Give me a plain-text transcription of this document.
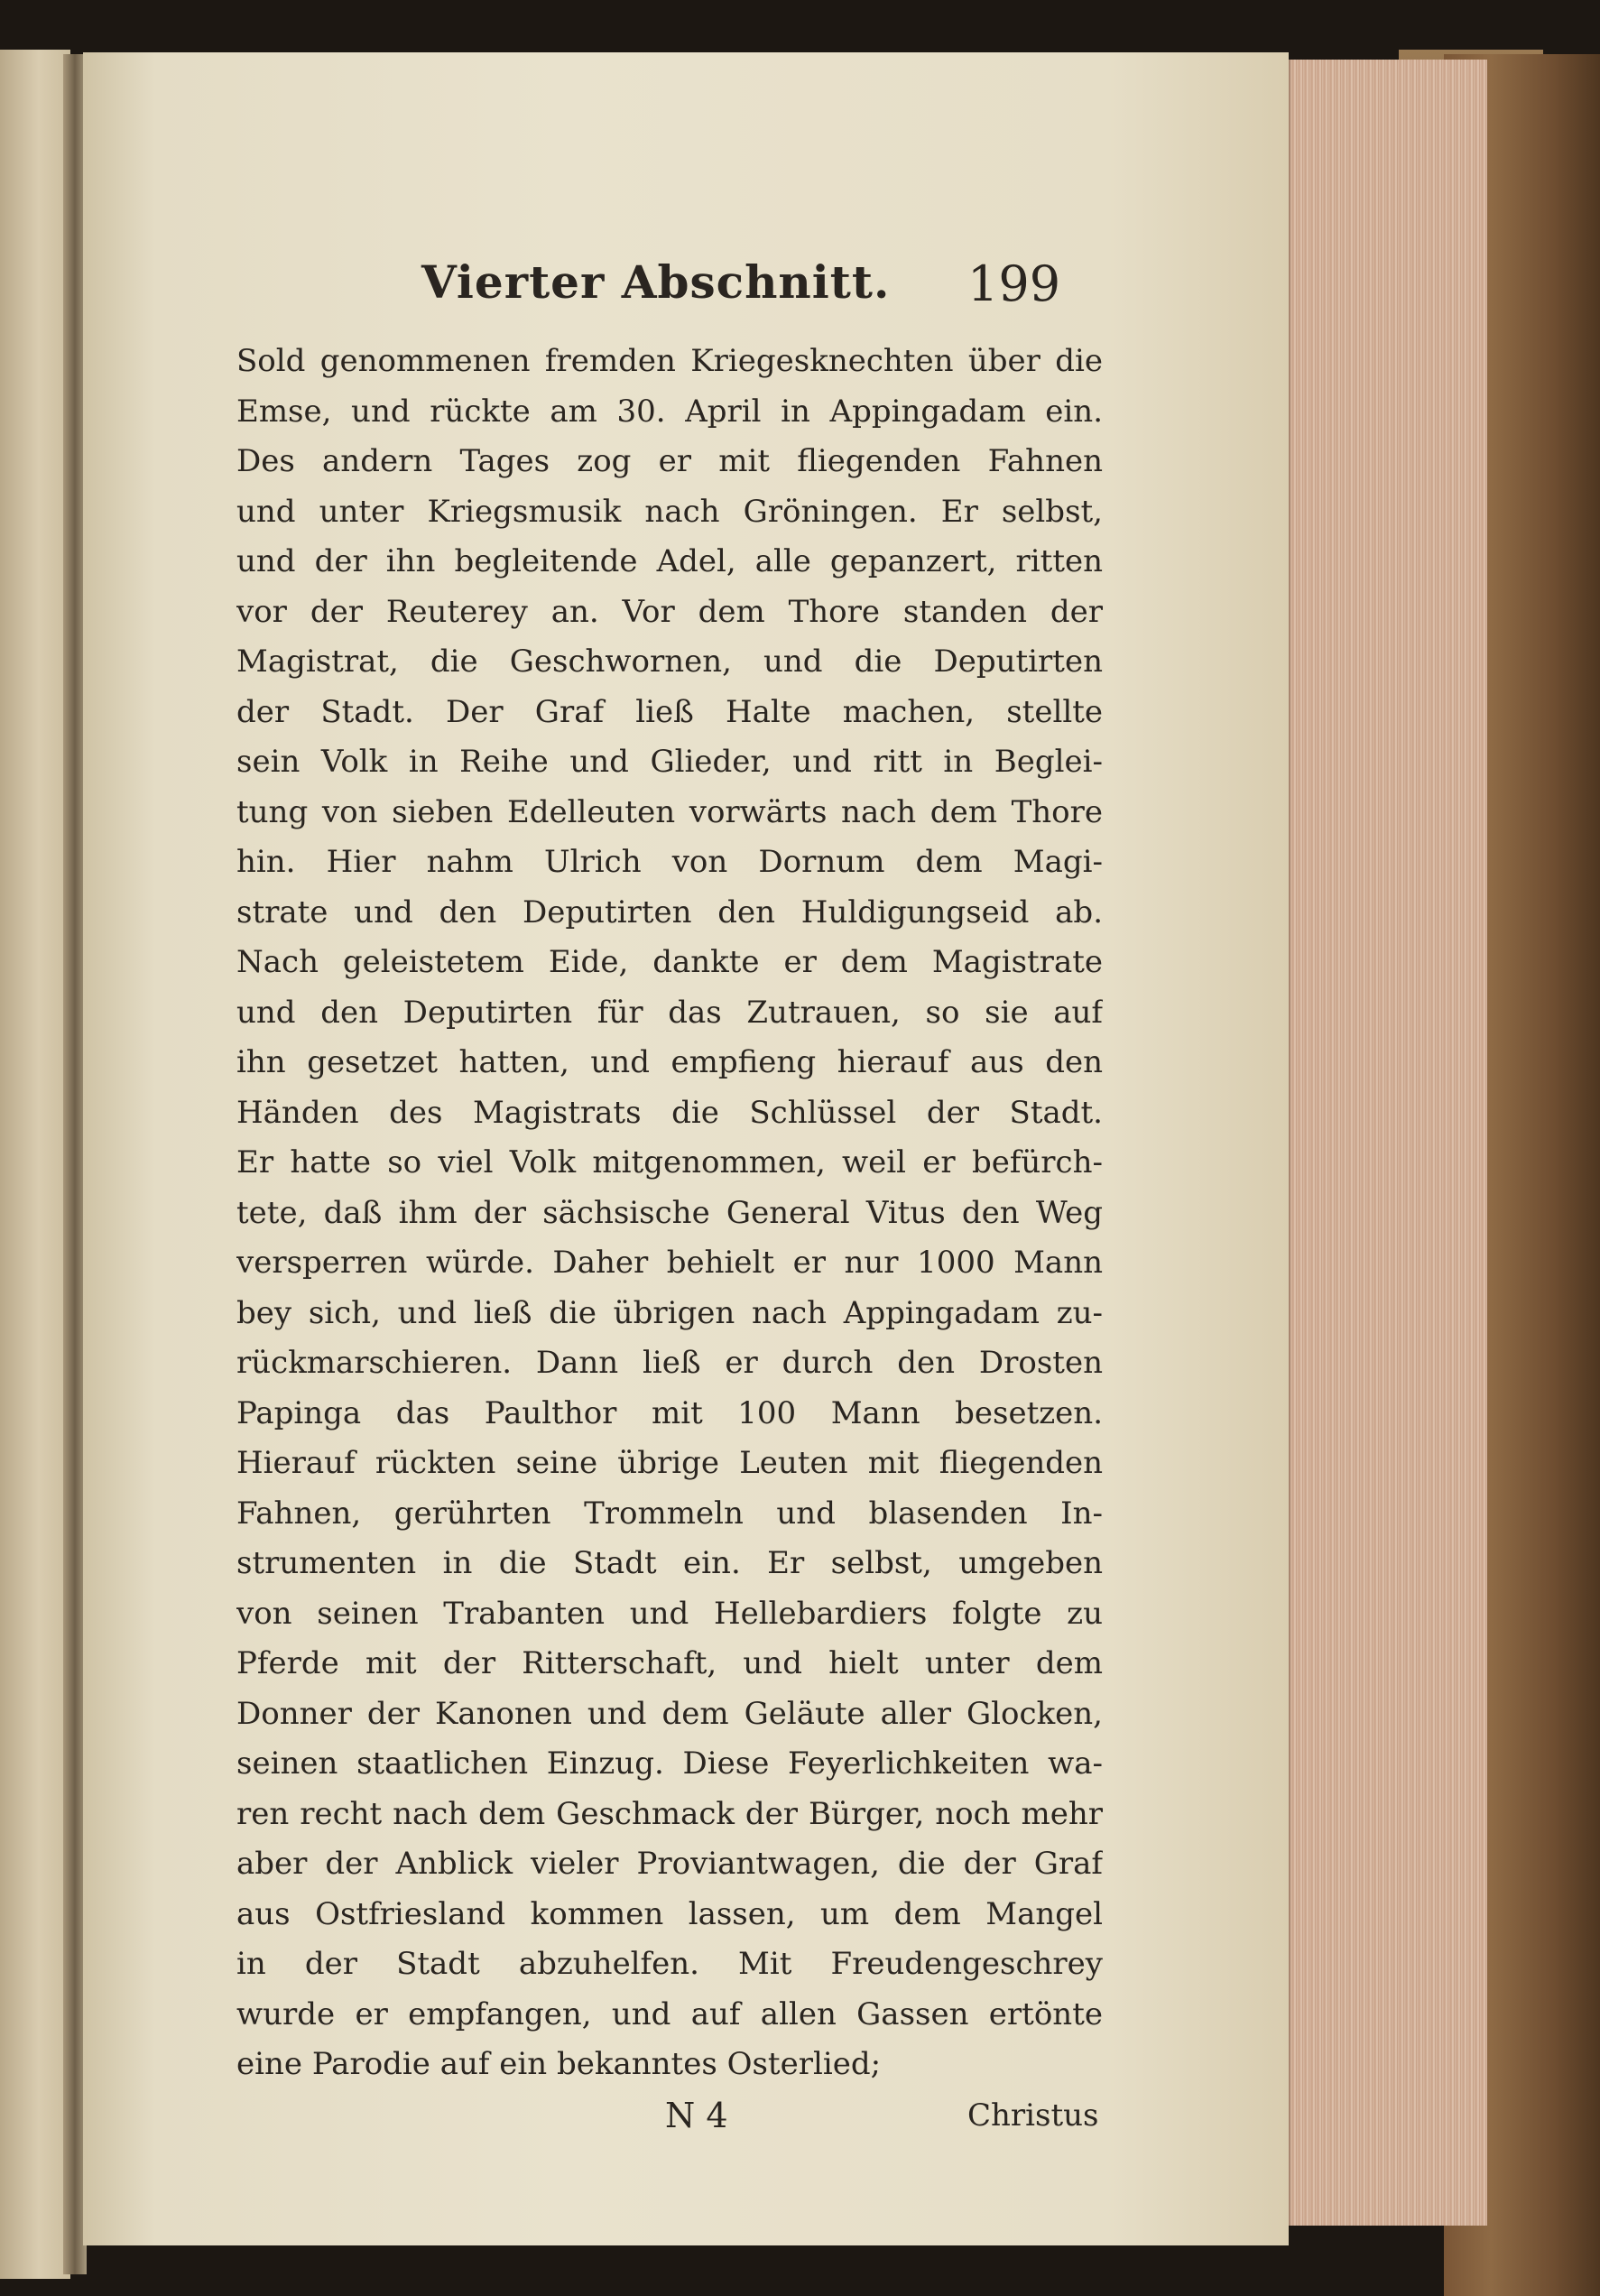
Vierter Abschnitt. 199
Sold genommenen fremden Kriegesknechten über die
Emse, und rückte am 30. April in Appingadam ein.
Des andern Tages zog er mit fliegenden Fahnen
und unter Kriegsmusik nach Gröningen. Er selbst,
und der ihn begleitende Adel, alle gepanzert, ritten
vor der Reuterey an. Vor dem Thore standen der
Magistrat, die Geschwornen, und die Deputirten
der Stadt. Der Graf ließ Halte machen, stellte
sein Volk in Reihe und Glieder, und ritt in Beglei-
tung von sieben Edelleuten vorwärts nach dem Thore
hin. Hier nahm Ulrich von Dornum dem Magi-
strate und den Deputirten den Huldigungseid ab.
Nach geleistetem Eide, dankte er dem Magistrate
und den Deputirten für das Zutrauen, so sie auf
ihn gesetzet hatten, und empfieng hierauf aus den
Händen des Magistrats die Schlüssel der Stadt.
Er hatte so viel Volk mitgenommen, weil er befürch-
tete, daß ihm der sächsische General Vitus den Weg
versperren würde. Daher behielt er nur 1000 Mann
bey sich, und ließ die übrigen nach Appingadam zu-
rückmarschieren. Dann ließ er durch den Drosten
Papinga das Paulthor mit 100 Mann besetzen.
Hierauf rückten seine übrige Leuten mit fliegenden
Fahnen, gerührten Trommeln und blasenden In-
strumenten in die Stadt ein. Er selbst, umgeben
von seinen Trabanten und Hellebardiers folgte zu
Pferde mit der Ritterschaft, und hielt unter dem
Donner der Kanonen und dem Geläute aller Glocken,
seinen staatlichen Einzug. Diese Feyerlichkeiten wa-
ren recht nach dem Geschmack der Bürger, noch mehr
aber der Anblick vieler Proviantwagen, die der Graf
aus Ostfriesland kommen lassen, um dem Mangel
in der Stadt abzuhelfen. Mit Freudengeschrey
wurde er empfangen, und auf allen Gassen ertönte
eine Parodie auf ein bekanntes Osterlied;
N 4	Christus
